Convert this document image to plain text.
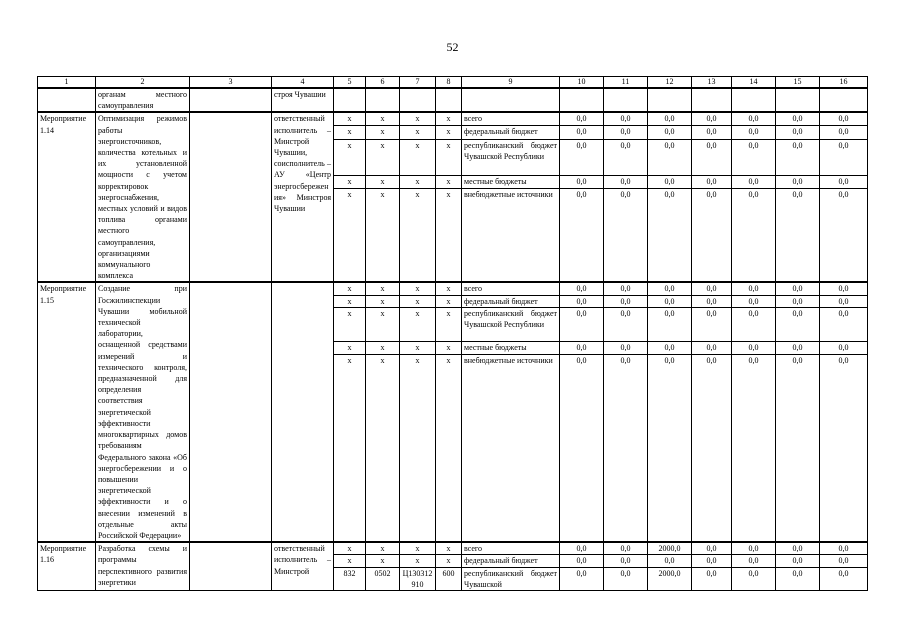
52
1	2	3	4	5	6	7	8	9	10	11	12	13	14	15	16
	органам местного самоуправления		строя Чувашии												
Мероприятие 1.14	Оптимизация режимов работы энергоисточников, количества котельных и их установленной мощности с учетом корректировок энергоснабжения, местных условий и видов топлива органами местного самоуправления, организациями коммунального комплекса		ответственный исполнитель – Минстрой Чувашии, соисполнитель – АУ «Центр энергосбережения» Минстроя Чувашии	x	x	x	x	всего	0,0	0,0	0,0	0,0	0,0	0,0	0,0
				x	x	x	x	федеральный бюджет	0,0	0,0	0,0	0,0	0,0	0,0	0,0
				x	x	x	x	республиканский бюджет Чувашской Республики	0,0	0,0	0,0	0,0	0,0	0,0	0,0
				x	x	x	x	местные бюджеты	0,0	0,0	0,0	0,0	0,0	0,0	0,0
				x	x	x	x	внебюджетные источники	0,0	0,0	0,0	0,0	0,0	0,0	0,0
Мероприятие 1.15	Создание при Госжилинспекции Чувашии мобильной технической лаборатории, оснащенной средствами измерений и технического контроля, предназначенной для определения соответствия энергетической эффективности многоквартирных домов требованиям Федерального закона «Об энергосбережении и о повышении энергетической эффективности и о внесении изменений в отдельные акты Российской Федерации»			x	x	x	x	всего	0,0	0,0	0,0	0,0	0,0	0,0	0,0
				x	x	x	x	федеральный бюджет	0,0	0,0	0,0	0,0	0,0	0,0	0,0
				x	x	x	x	республиканский бюджет Чувашской Республики	0,0	0,0	0,0	0,0	0,0	0,0	0,0
				x	x	x	x	местные бюджеты	0,0	0,0	0,0	0,0	0,0	0,0	0,0
				x	x	x	x	внебюджетные источники	0,0	0,0	0,0	0,0	0,0	0,0	0,0
Мероприятие 1.16	Разработка схемы и программы перспективного развития энергетики		ответственный исполнитель – Минстрой	x	x	x	x	всего	0,0	0,0	2000,0	0,0	0,0	0,0	0,0
				x	x	x	x	федеральный бюджет	0,0	0,0	0,0	0,0	0,0	0,0	0,0
				832	0502	Ц130312910	600	республиканский бюджет Чувашской	0,0	0,0	2000,0	0,0	0,0	0,0	0,0
